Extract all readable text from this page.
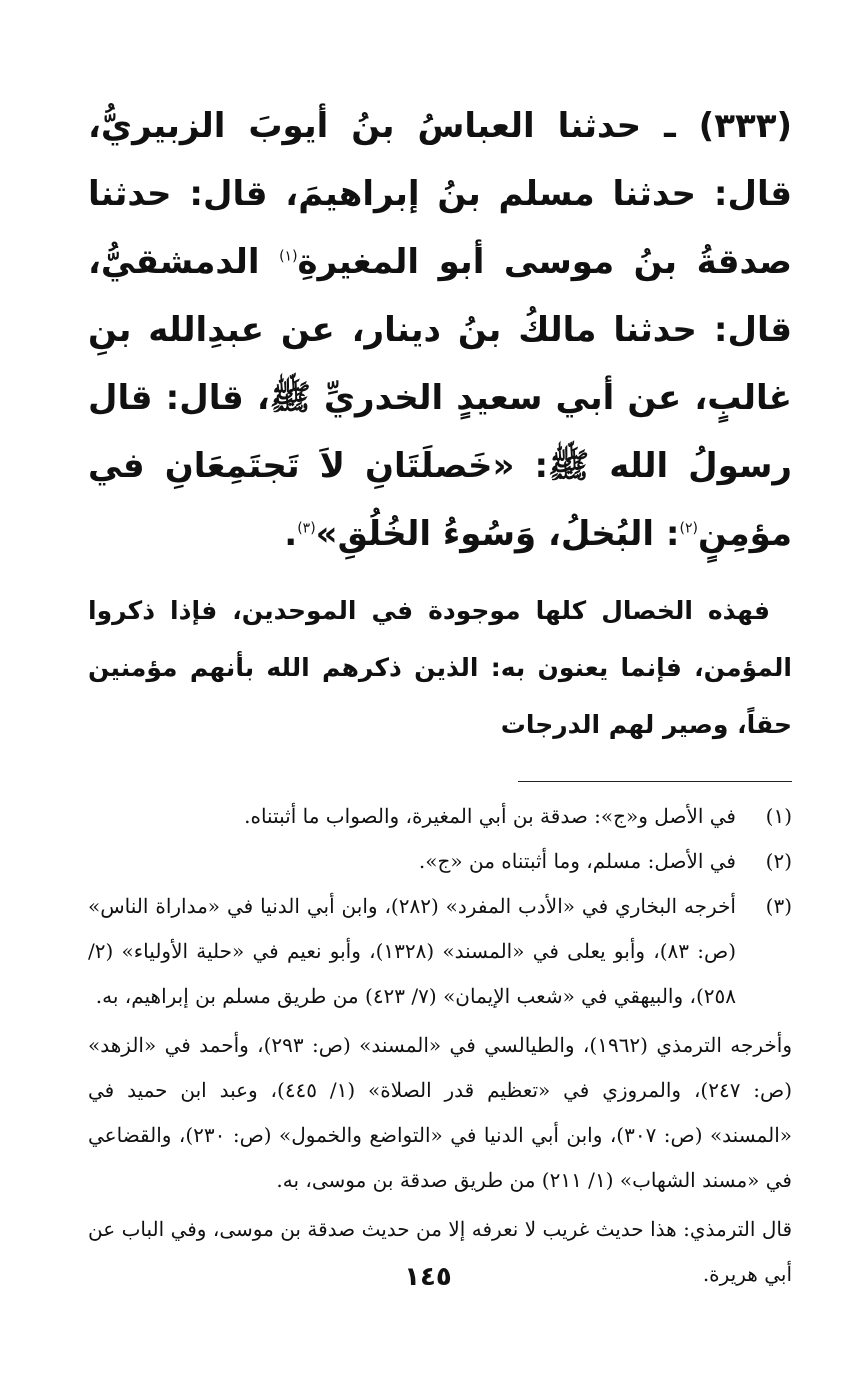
(٣٣٣) ـ حدثنا العباسُ بنُ أيوبَ الزبيريُّ، قال: حدثنا مسلم بنُ إبراهيمَ، قال: حدثنا صدقةُ بنُ موسى أبو المغيرةِ$^{(١)}$ الدمشقيُّ، قال: حدثنا مالكُ بنُ دينار، عن عبدِالله بنِ غالبٍ، عن أبي سعيدٍ الخدريِّ ﷺ، قال: قال رسولُ الله ﷺ: «خَصلَتَانِ لاَ تَجتَمِعَانِ في مؤمِنٍ$^{(٢)}$: البُخلُ، وَسُوءُ الخُلُقِ»$^{(٣)}$.

فهذه الخصال كلها موجودة في الموحدين، فإذا ذكروا المؤمن، فإنما يعنون به: الذين ذكرهم الله بأنهم مؤمنين حقاً، وصير لهم الدرجات

(١)
في الأصل و«ج»: صدقة بن أبي المغيرة، والصواب ما أثبتناه.
(٢)
في الأصل: مسلم، وما أثبتناه من «ج».
(٣)
أخرجه البخاري في «الأدب المفرد» (٢٨٢)، وابن أبي الدنيا في «مداراة الناس» (ص: ٨٣)، وأبو يعلى في «المسند» (١٣٢٨)، وأبو نعيم في «حلية الأولياء» (٢/ ٢٥٨)، والبيهقي في «شعب الإيمان» (٧/ ٤٢٣) من طريق مسلم بن إبراهيم، به.

وأخرجه الترمذي (١٩٦٢)، والطيالسي في «المسند» (ص: ٢٩٣)، وأحمد في «الزهد» (ص: ٢٤٧)، والمروزي في «تعظيم قدر الصلاة» (١/ ٤٤٥)، وعبد ابن حميد في «المسند» (ص: ٣٠٧)، وابن أبي الدنيا في «التواضع والخمول» (ص: ٢٣٠)، والقضاعي في «مسند الشهاب» (١/ ٢١١) من طريق صدقة بن موسى، به.

قال الترمذي: هذا حديث غريب لا نعرفه إلا من حديث صدقة بن موسى، وفي الباب عن أبي هريرة.

١٤٥
